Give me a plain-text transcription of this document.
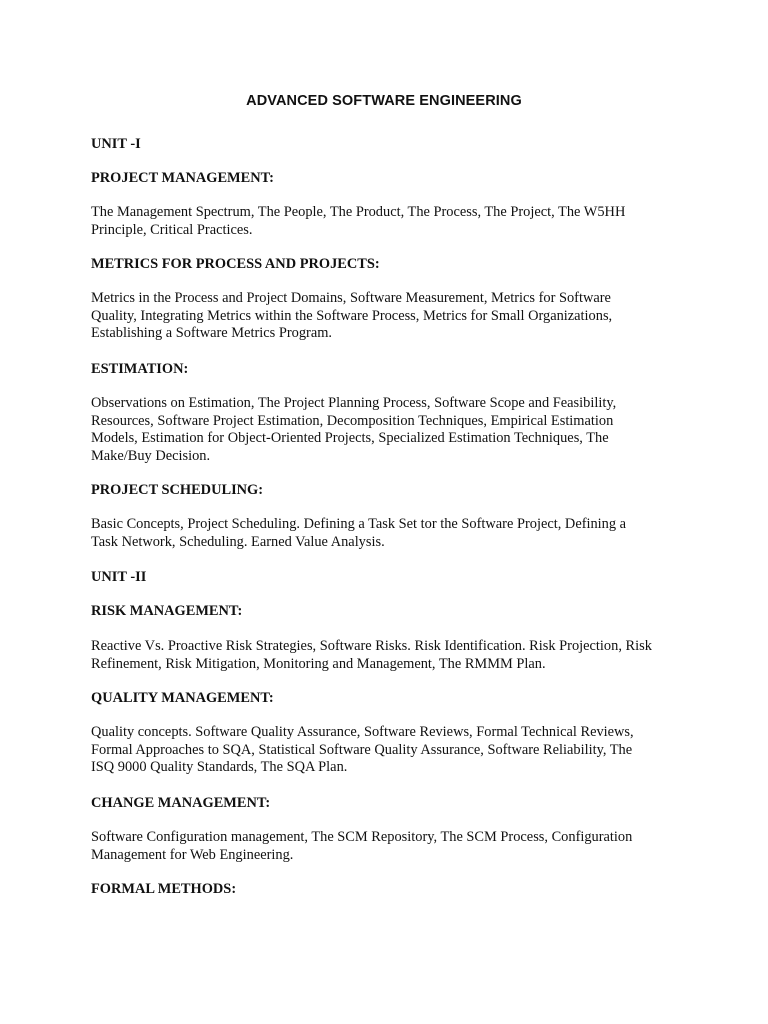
ADVANCED SOFTWARE ENGINEERING
UNIT -I
PROJECT MANAGEMENT:
The Management Spectrum, The People, The Product, The Process, The Project, The W5HH
Principle, Critical Practices.
METRICS FOR PROCESS AND PROJECTS:
Metrics in the Process and Project Domains, Software Measurement, Metrics for Software
Quality, Integrating Metrics within the Software Process, Metrics for Small Organizations,
Establishing a Software Metrics Program.
ESTIMATION:
Observations on Estimation, The Project Planning Process, Software Scope and Feasibility,
Resources, Software Project Estimation, Decomposition Techniques, Empirical Estimation
Models, Estimation for Object-Oriented Projects, Specialized Estimation Techniques, The
Make/Buy Decision.
PROJECT SCHEDULING:
Basic Concepts, Project Scheduling. Defining a Task Set tor the Software Project, Defining a
Task Network, Scheduling. Earned Value Analysis.
UNIT -II
RISK MANAGEMENT:
Reactive Vs. Proactive Risk Strategies, Software Risks. Risk Identification. Risk Projection, Risk
Refinement, Risk Mitigation, Monitoring and Management, The RMMM Plan.
QUALITY MANAGEMENT:
Quality concepts. Software Quality Assurance, Software Reviews, Formal Technical Reviews,
Formal Approaches to SQA, Statistical Software Quality Assurance, Software Reliability, The
ISQ 9000 Quality Standards, The SQA Plan.
CHANGE MANAGEMENT:
Software Configuration management, The SCM Repository, The SCM Process, Configuration
Management for Web Engineering.
FORMAL METHODS:
